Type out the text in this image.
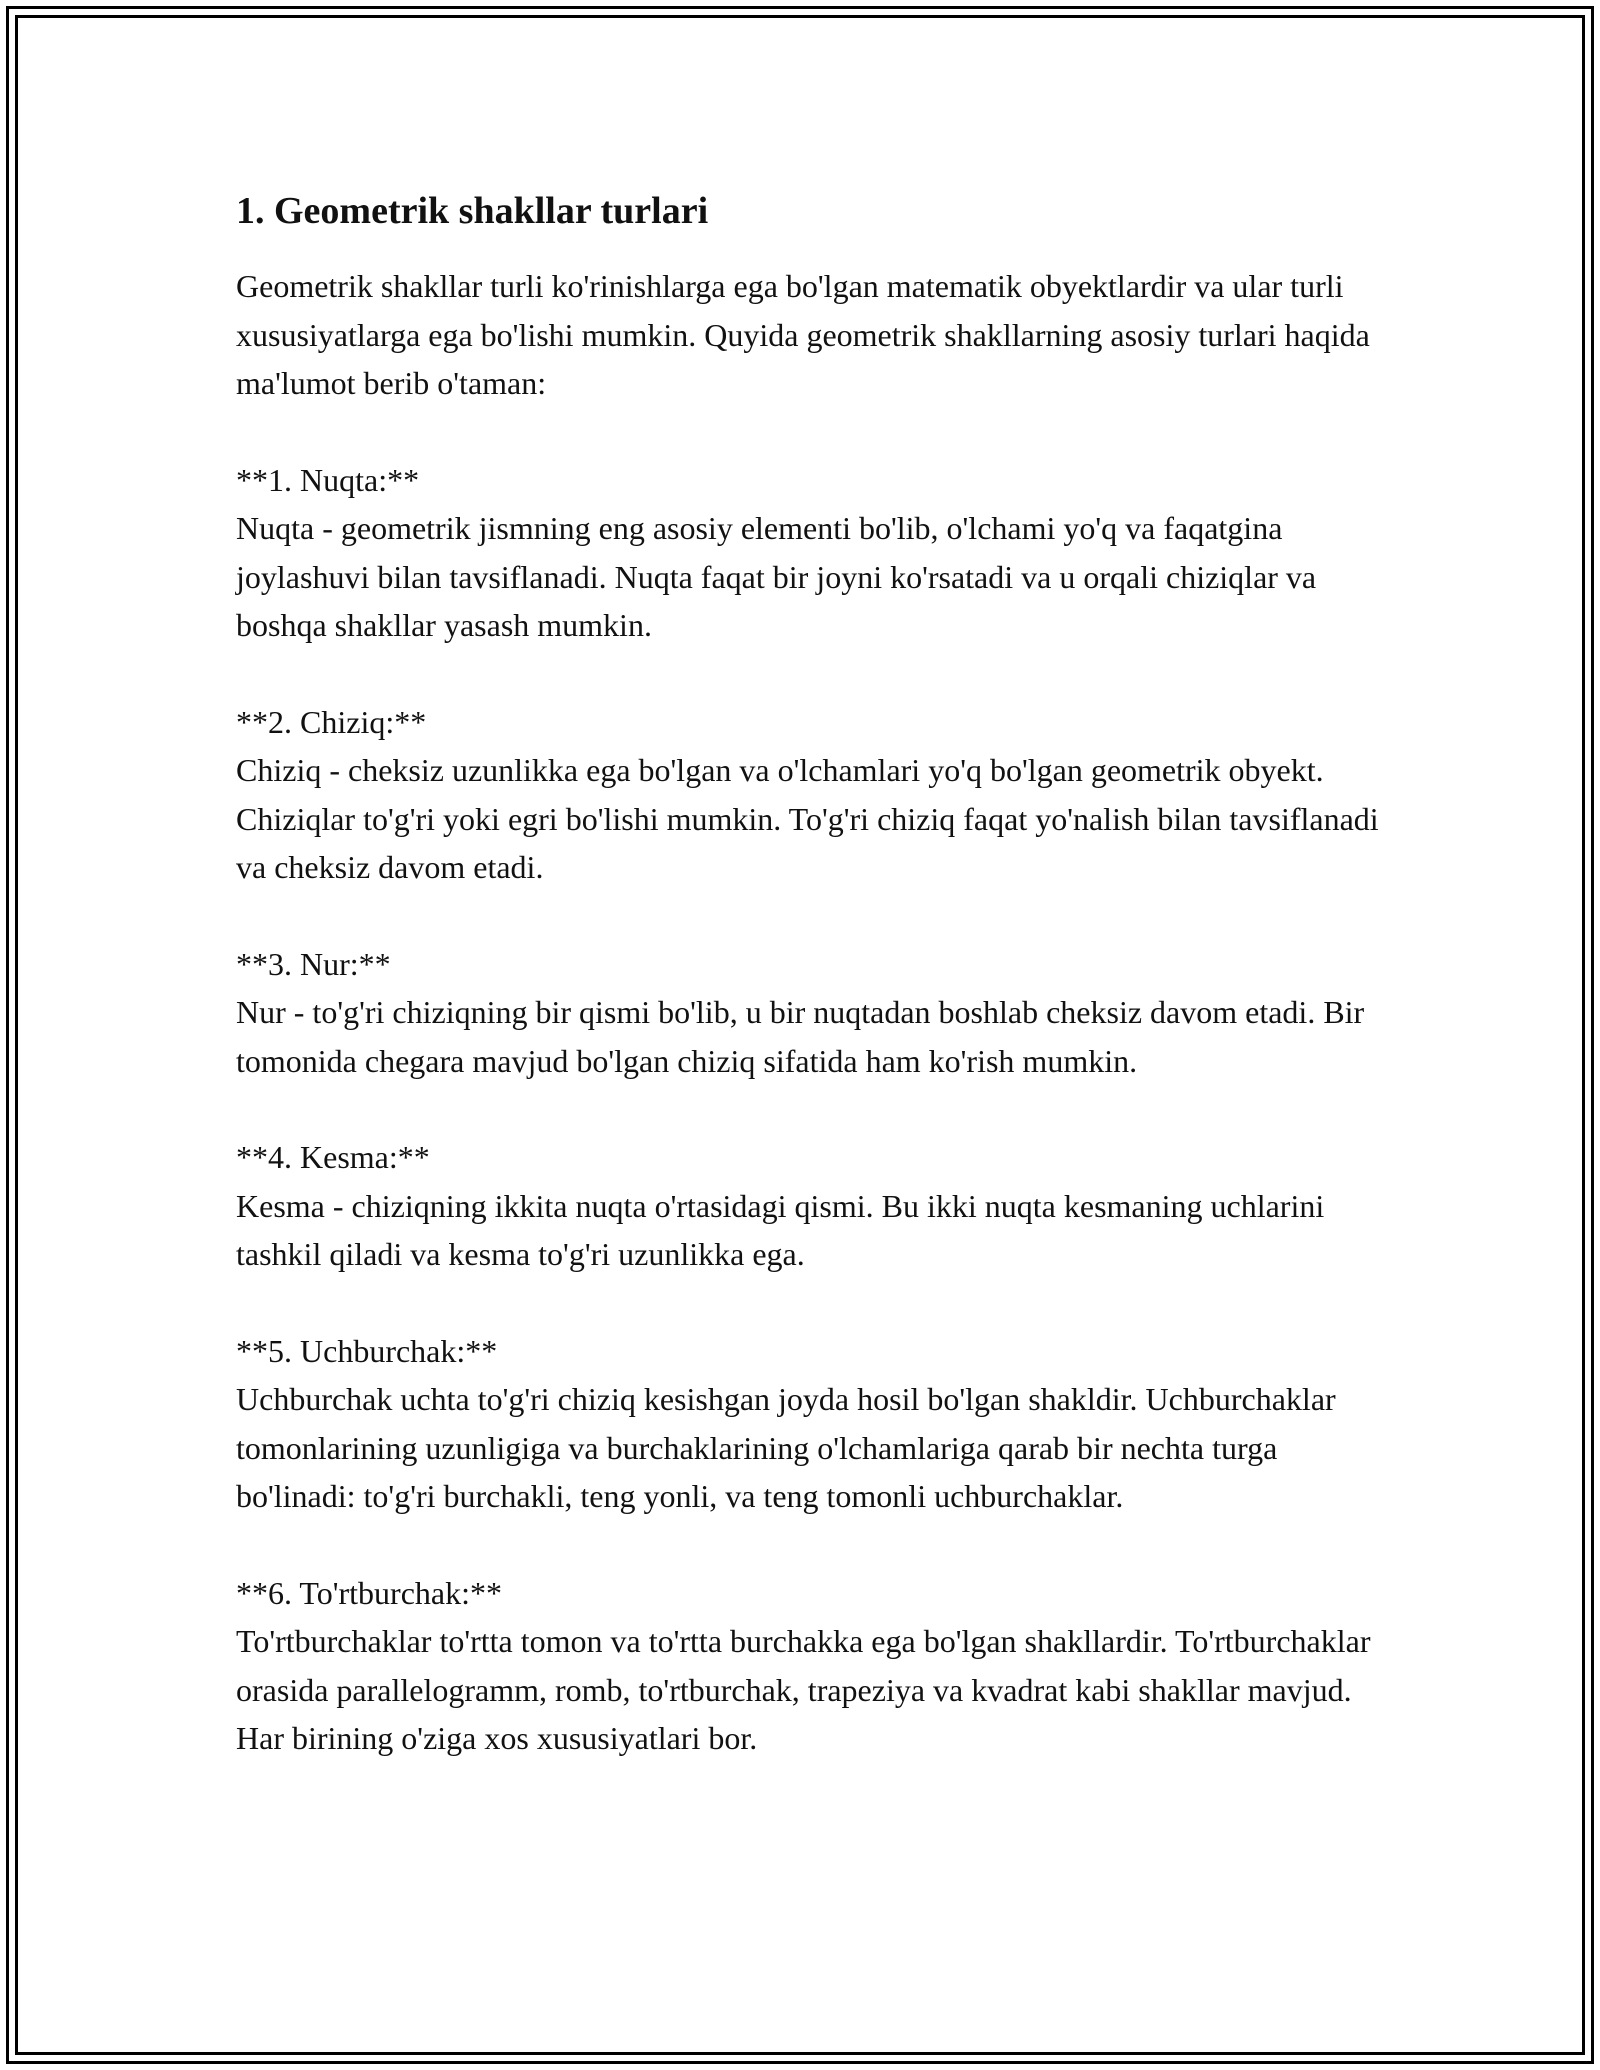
1. Geometrik shakllar turlari

Geometrik shakllar turli ko'rinishlarga ega bo'lgan matematik obyektlardir va ular turli xususiyatlarga ega bo'lishi mumkin. Quyida geometrik shakllarning asosiy turlari haqida ma'lumot berib o'taman:

**1. Nuqta:**

Nuqta - geometrik jismning eng asosiy elementi bo'lib, o'lchami yo'q va faqatgina joylashuvi bilan tavsiflanadi. Nuqta faqat bir joyni ko'rsatadi va u orqali chiziqlar va boshqa shakllar yasash mumkin.

**2. Chiziq:**

Chiziq - cheksiz uzunlikka ega bo'lgan va o'lchamlari yo'q bo'lgan geometrik obyekt. Chiziqlar to'g'ri yoki egri bo'lishi mumkin. To'g'ri chiziq faqat yo'nalish bilan tavsiflanadi va cheksiz davom etadi.

**3. Nur:**

Nur - to'g'ri chiziqning bir qismi bo'lib, u bir nuqtadan boshlab cheksiz davom etadi. Bir tomonida chegara mavjud bo'lgan chiziq sifatida ham ko'rish mumkin.

**4. Kesma:**

Kesma - chiziqning ikkita nuqta o'rtasidagi qismi. Bu ikki nuqta kesmaning uchlarini tashkil qiladi va kesma to'g'ri uzunlikka ega.

**5. Uchburchak:**

Uchburchak uchta to'g'ri chiziq kesishgan joyda hosil bo'lgan shakldir. Uchburchaklar tomonlarining uzunligiga va burchaklarining o'lchamlariga qarab bir nechta turga bo'linadi: to'g'ri burchakli, teng yonli, va teng tomonli uchburchaklar.

**6. To'rtburchak:**

To'rtburchaklar to'rtta tomon va to'rtta burchakka ega bo'lgan shakllardir. To'rtburchaklar orasida parallelogramm, romb, to'rtburchak, trapeziya va kvadrat kabi shakllar mavjud. Har birining o'ziga xos xususiyatlari bor.
